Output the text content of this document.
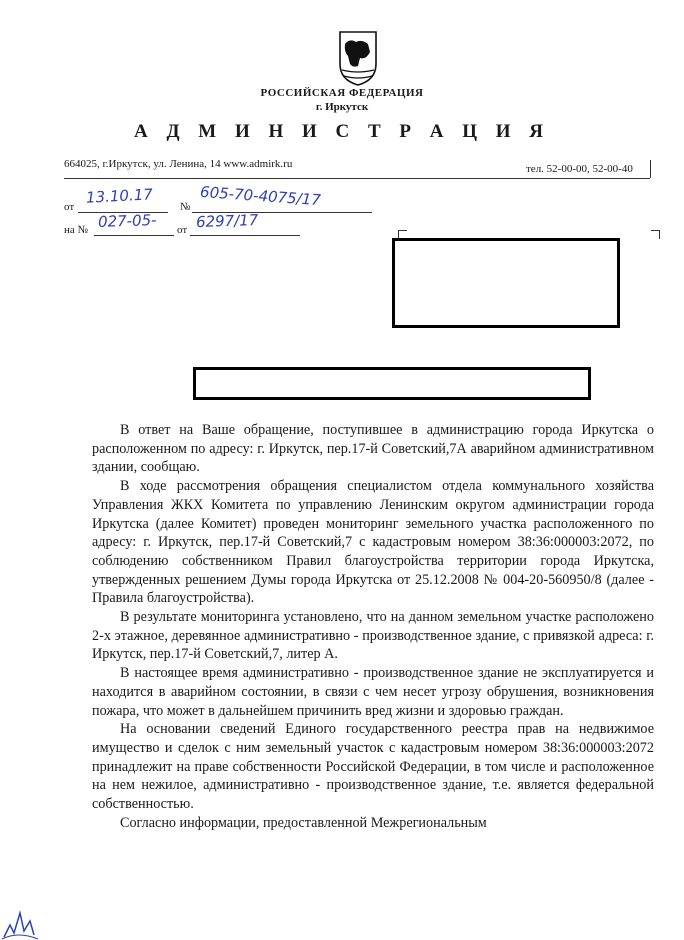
РОССИЙСКАЯ ФЕДЕРАЦИЯ
г. Иркутск
А Д М И Н И С Т Р А Ц И Я
664025, г.Иркутск, ул. Ленина, 14 www.admirk.ru	тел. 52-00-00, 52-00-40
от
13.10.17
№ 605-70-4075/17
на № 027-05- от 6297/17

В ответ на Ваше обращение, поступившее в администрацию города Иркутска о расположенном по адресу: г. Иркутск, пер.17-й Советский,7А аварийном административном здании, сообщаю.

В ходе рассмотрения обращения специалистом отдела коммунального хозяйства Управления ЖКХ Комитета по управлению Ленинским округом администрации города Иркутска (далее Комитет) проведен мониторинг земельного участка расположенного по адресу: г. Иркутск, пер.17-й Советский,7 с кадастровым номером 38:36:000003:2072, по соблюдению собственником Правил благоустройства территории города Иркутска, утвержденных решением Думы города Иркутска от 25.12.2008 № 004-20-560950/8 (далее - Правила благоустройства).

В результате мониторинга установлено, что на данном земельном участке расположено 2-х этажное, деревянное административно - производственное здание, с привязкой адреса: г. Иркутск, пер.17-й Советский,7, литер А.

В настоящее время административно - производственное здание не эксплуатируется и находится в аварийном состоянии, в связи с чем несет угрозу обрушения, возникновения пожара, что может в дальнейшем причинить вред жизни и здоровью граждан.

На основании сведений Единого государственного реестра прав на недвижимое имущество и сделок с ним земельный участок с кадастровым номером 38:36:000003:2072 принадлежит на праве собственности Российской Федерации, в том числе и расположенное на нем нежилое, административно - производственное здание, т.е. является федеральной собственностью.

Согласно информации, предоставленной Межрегиональным
